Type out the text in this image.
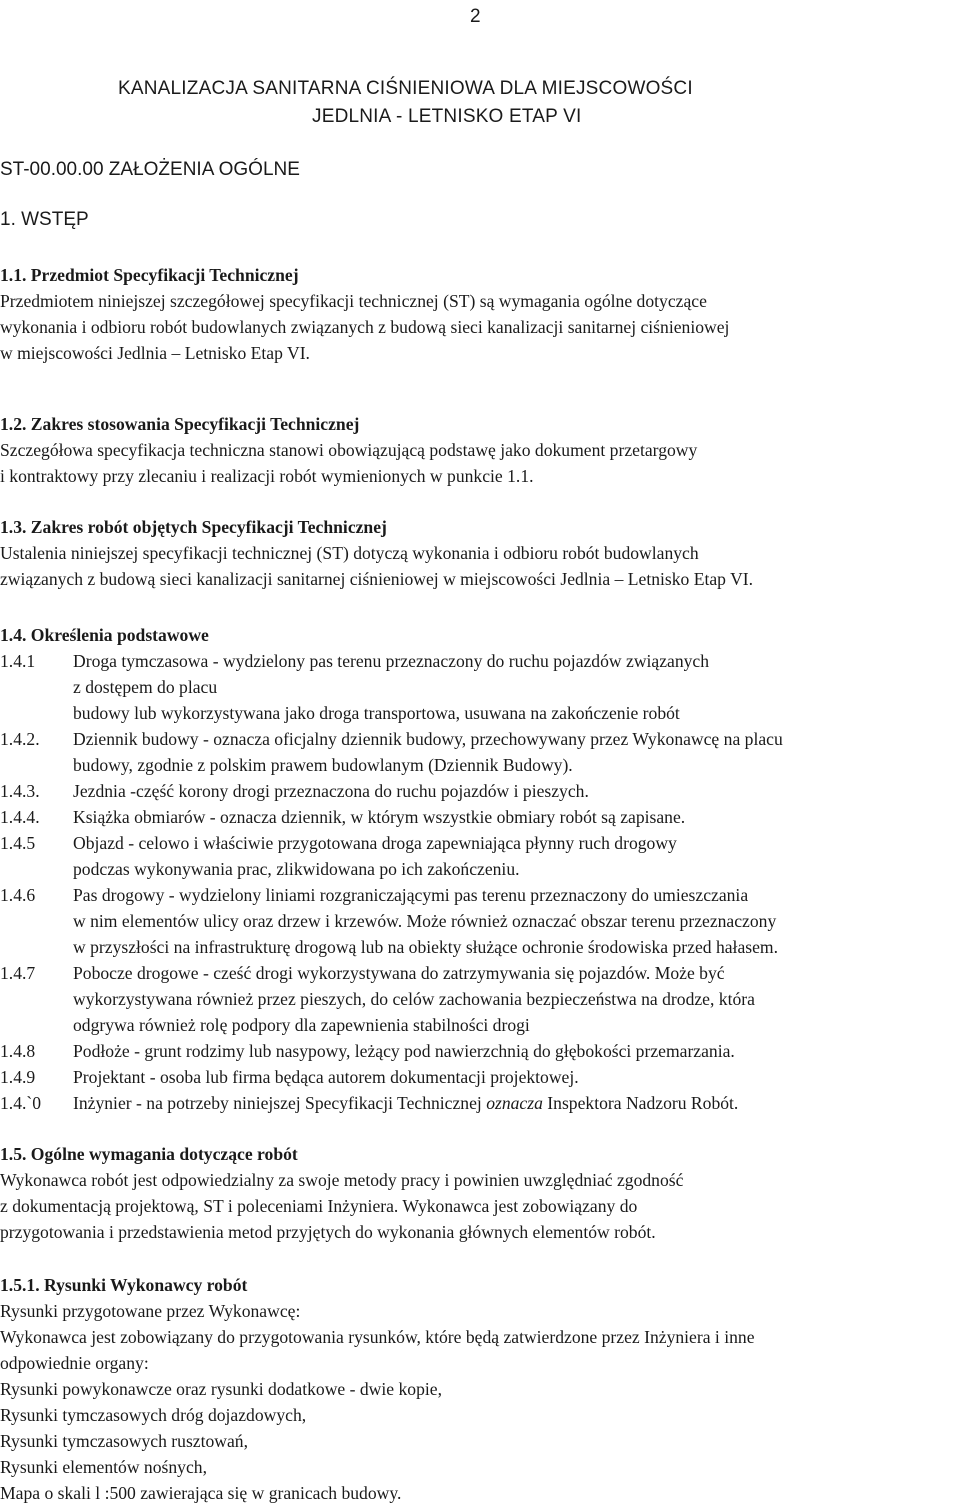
2
KANALIZACJA SANITARNA CIŚNIENIOWA DLA MIEJSCOWOŚCI
JEDLNIA - LETNISKO ETAP VI
ST-00.00.00 ZAŁOŻENIA OGÓLNE
1. WSTĘP
1.1. Przedmiot Specyfikacji Technicznej
Przedmiotem niniejszej szczegółowej specyfikacji technicznej (ST) są wymagania ogólne dotyczące
wykonania i odbioru robót budowlanych związanych z budową sieci kanalizacji sanitarnej ciśnieniowej
w miejscowości Jedlnia – Letnisko Etap VI.
1.2. Zakres stosowania Specyfikacji Technicznej
Szczegółowa specyfikacja techniczna stanowi obowiązującą podstawę jako dokument przetargowy
i kontraktowy przy zlecaniu i realizacji robót wymienionych w punkcie 1.1.
1.3. Zakres robót objętych Specyfikacji Technicznej
Ustalenia niniejszej specyfikacji technicznej (ST) dotyczą wykonania i odbioru robót budowlanych
związanych z budową sieci kanalizacji sanitarnej ciśnieniowej w miejscowości Jedlnia – Letnisko Etap VI.
1.4. Określenia podstawowe
1.4.1 Droga tymczasowa - wydzielony pas terenu przeznaczony do ruchu pojazdów związanych
z dostępem do placu
budowy lub wykorzystywana jako droga transportowa, usuwana na zakończenie robót
1.4.2. Dziennik budowy - oznacza oficjalny dziennik budowy, przechowywany przez Wykonawcę na placu
budowy, zgodnie z polskim prawem budowlanym (Dziennik Budowy).
1.4.3. Jezdnia -część korony drogi przeznaczona do ruchu pojazdów i pieszych.
1.4.4. Książka obmiarów - oznacza dziennik, w którym wszystkie obmiary robót są zapisane.
1.4.5 Objazd - celowo i właściwie przygotowana droga zapewniająca płynny ruch drogowy
podczas wykonywania prac, zlikwidowana po ich zakończeniu.
1.4.6 Pas drogowy - wydzielony liniami rozgraniczającymi pas terenu przeznaczony do umieszczania
w nim elementów ulicy oraz drzew i krzewów. Może również oznaczać obszar terenu przeznaczony
w przyszłości na infrastrukturę drogową lub na obiekty służące ochronie środowiska przed hałasem.
1.4.7 Pobocze drogowe - cześć drogi wykorzystywana do zatrzymywania się pojazdów. Może być
wykorzystywana również przez pieszych, do celów zachowania bezpieczeństwa na drodze, która
odgrywa również rolę podpory dla zapewnienia stabilności drogi
1.4.8 Podłoże - grunt rodzimy lub nasypowy, leżący pod nawierzchnią do głębokości przemarzania.
1.4.9 Projektant - osoba lub firma będąca autorem dokumentacji projektowej.
1.4.`0 Inżynier - na potrzeby niniejszej Specyfikacji Technicznej oznacza Inspektora Nadzoru Robót.
1.5. Ogólne wymagania dotyczące robót
Wykonawca robót jest odpowiedzialny za swoje metody pracy i powinien uwzględniać zgodność
z dokumentacją projektową, ST i poleceniami Inżyniera. Wykonawca jest zobowiązany do
przygotowania i przedstawienia metod przyjętych do wykonania głównych elementów robót.
1.5.1. Rysunki Wykonawcy robót
Rysunki przygotowane przez Wykonawcę:
Wykonawca jest zobowiązany do przygotowania rysunków, które będą zatwierdzone przez Inżyniera i inne
odpowiednie organy:
Rysunki powykonawcze oraz rysunki dodatkowe - dwie kopie,
Rysunki tymczasowych dróg dojazdowych,
Rysunki tymczasowych rusztowań,
Rysunki elementów nośnych,
Mapa o skali l :500 zawierająca się w granicach budowy.
